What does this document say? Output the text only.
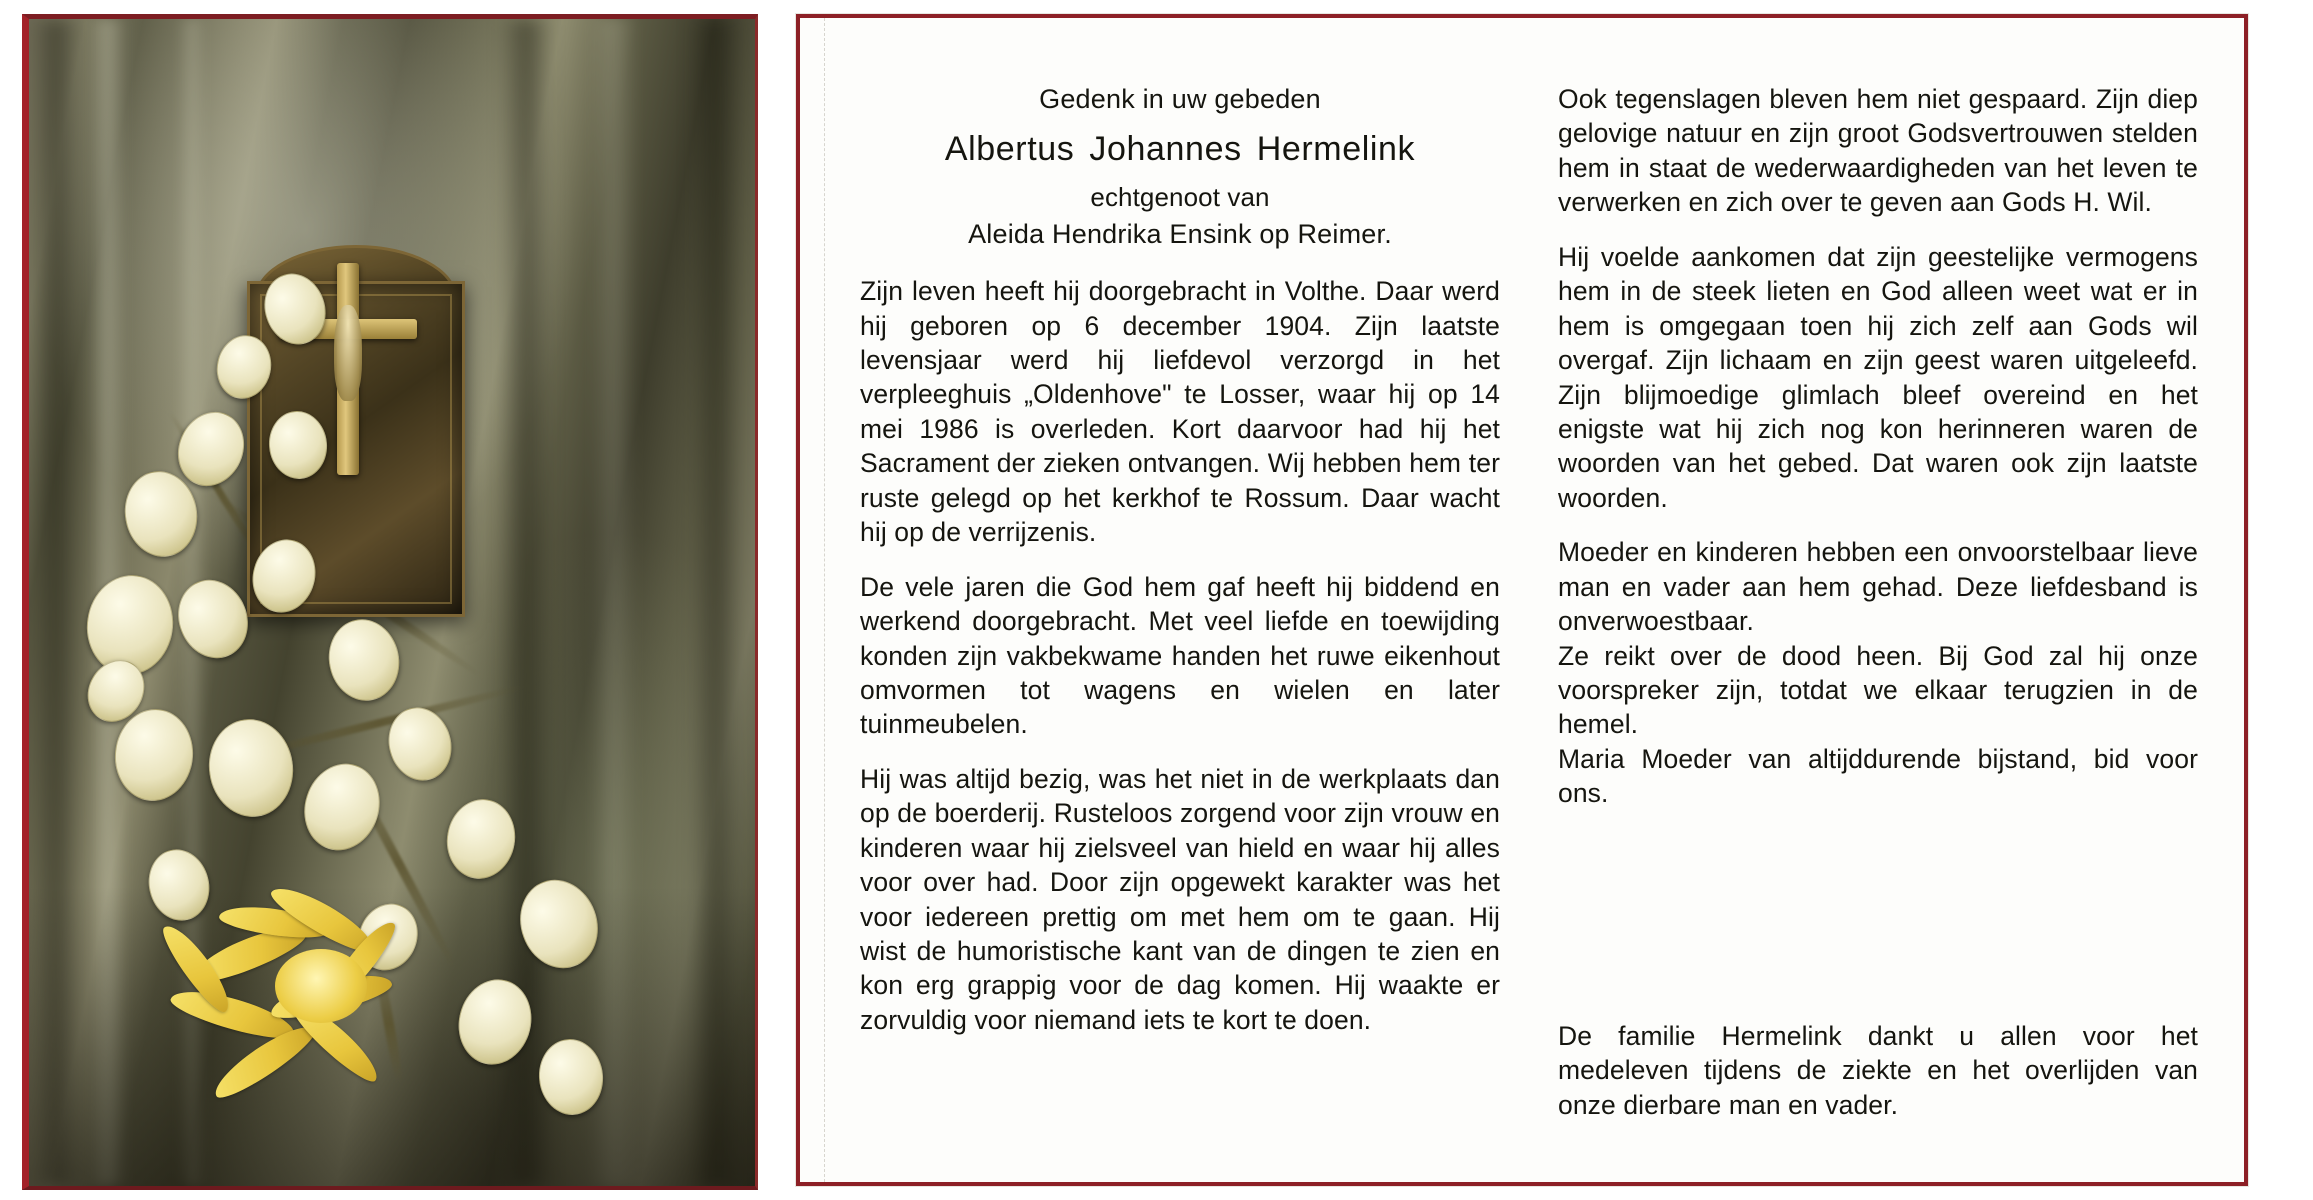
Gedenk in uw gebeden
Albertus Johannes Hermelink
echtgenoot van
Aleida Hendrika Ensink op Reimer.

Zijn leven heeft hij doorgebracht in Volthe. Daar werd hij geboren op 6 december 1904. Zijn laatste levensjaar werd hij liefdevol verzorgd in het verpleeghuis „Oldenhove" te Losser, waar hij op 14 mei 1986 is overleden. Kort daarvoor had hij het Sacrament der zieken ontvangen. Wij hebben hem ter ruste gelegd op het kerkhof te Rossum. Daar wacht hij op de verrijzenis.

De vele jaren die God hem gaf heeft hij biddend en werkend doorgebracht. Met veel liefde en toewijding konden zijn vakbekwame handen het ruwe eikenhout omvormen tot wagens en wielen en later tuinmeubelen.

Hij was altijd bezig, was het niet in de werkplaats dan op de boerderij. Rusteloos zorgend voor zijn vrouw en kinderen waar hij zielsveel van hield en waar hij alles voor over had. Door zijn opgewekt karakter was het voor iedereen prettig om met hem om te gaan. Hij wist de humoristische kant van de dingen te zien en kon erg grappig voor de dag komen. Hij waakte er zorvuldig voor niemand iets te kort te doen.

Ook tegenslagen bleven hem niet gespaard. Zijn diep gelovige natuur en zijn groot Godsvertrouwen stelden hem in staat de wederwaardigheden van het leven te verwerken en zich over te geven aan Gods H. Wil.

Hij voelde aankomen dat zijn geestelijke vermogens hem in de steek lieten en God alleen weet wat er in hem is omgegaan toen hij zich zelf aan Gods wil overgaf. Zijn lichaam en zijn geest waren uitgeleefd. Zijn blijmoedige glimlach bleef overeind en het enigste wat hij zich nog kon herinneren waren de woorden van het gebed. Dat waren ook zijn laatste woorden.

Moeder en kinderen hebben een onvoorstelbaar lieve man en vader aan hem gehad. Deze liefdesband is onverwoestbaar.

Ze reikt over de dood heen. Bij God zal hij onze voorspreker zijn, totdat we elkaar terugzien in de hemel.

Maria Moeder van altijddurende bijstand, bid voor ons.

De familie Hermelink dankt u allen voor het medeleven tijdens de ziekte en het overlijden van onze dierbare man en vader.
